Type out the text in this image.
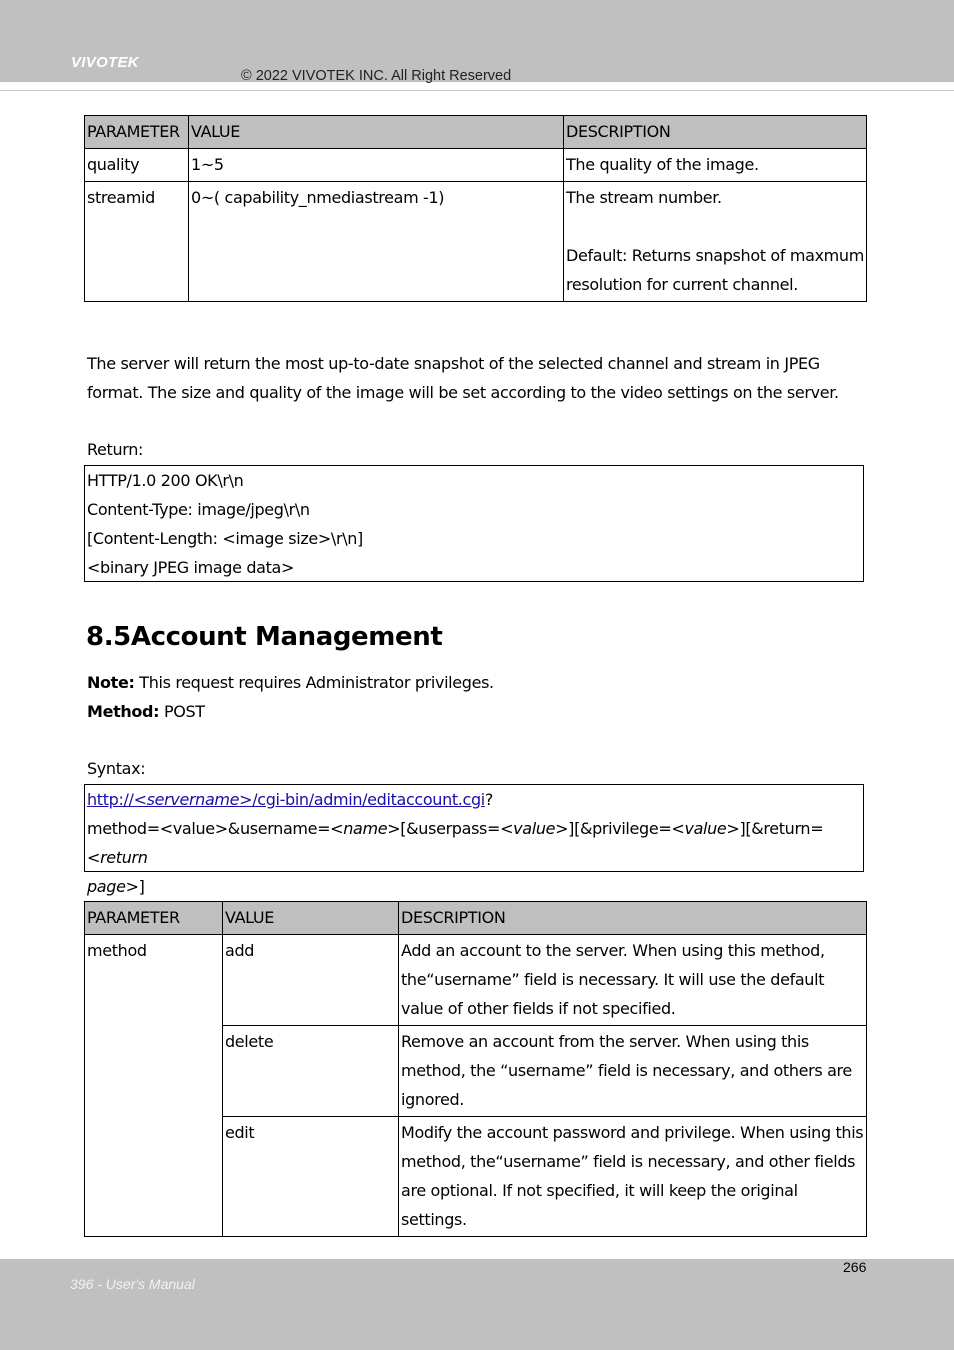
VIVOTEK
© 2022 VIVOTEK INC. All Right Reserved
PARAMETER	VALUE	DESCRIPTION
quality	1~5	The quality of the image.
streamid	0~( capability_nmediastream -1)	The stream number.
Default: Returns snapshot of maxmum resolution for current channel.
The server will return the most up-to-date snapshot of the selected channel and stream in JPEG format. The size and quality of the image will be set according to the video settings on the server.
Return:
HTTP/1.0 200 OK\r\n
Content-Type: image/jpeg\r\n
[Content-Length: <image size>\r\n]
<binary JPEG image data>
8.5Account Management
Note: This request requires Administrator privileges.
Method: POST
Syntax:
http://<servername>/cgi-bin/admin/editaccount.cgi?
method=<value>&username=<name>[&userpass=<value>][&privilege=<value>][&return=<return
page>]
PARAMETER	VALUE	DESCRIPTION
method	add	Add an account to the server. When using this method, the“username” field is necessary. It will use the default value of other fields if not specified.
	delete	Remove an account from the server. When using this method, the “username” field is necessary, and others are ignored.
	edit	Modify the account password and privilege. When using this method, the“username” field is necessary, and other fields are optional. If not specified, it will keep the original settings.
266
396 - User's Manual
